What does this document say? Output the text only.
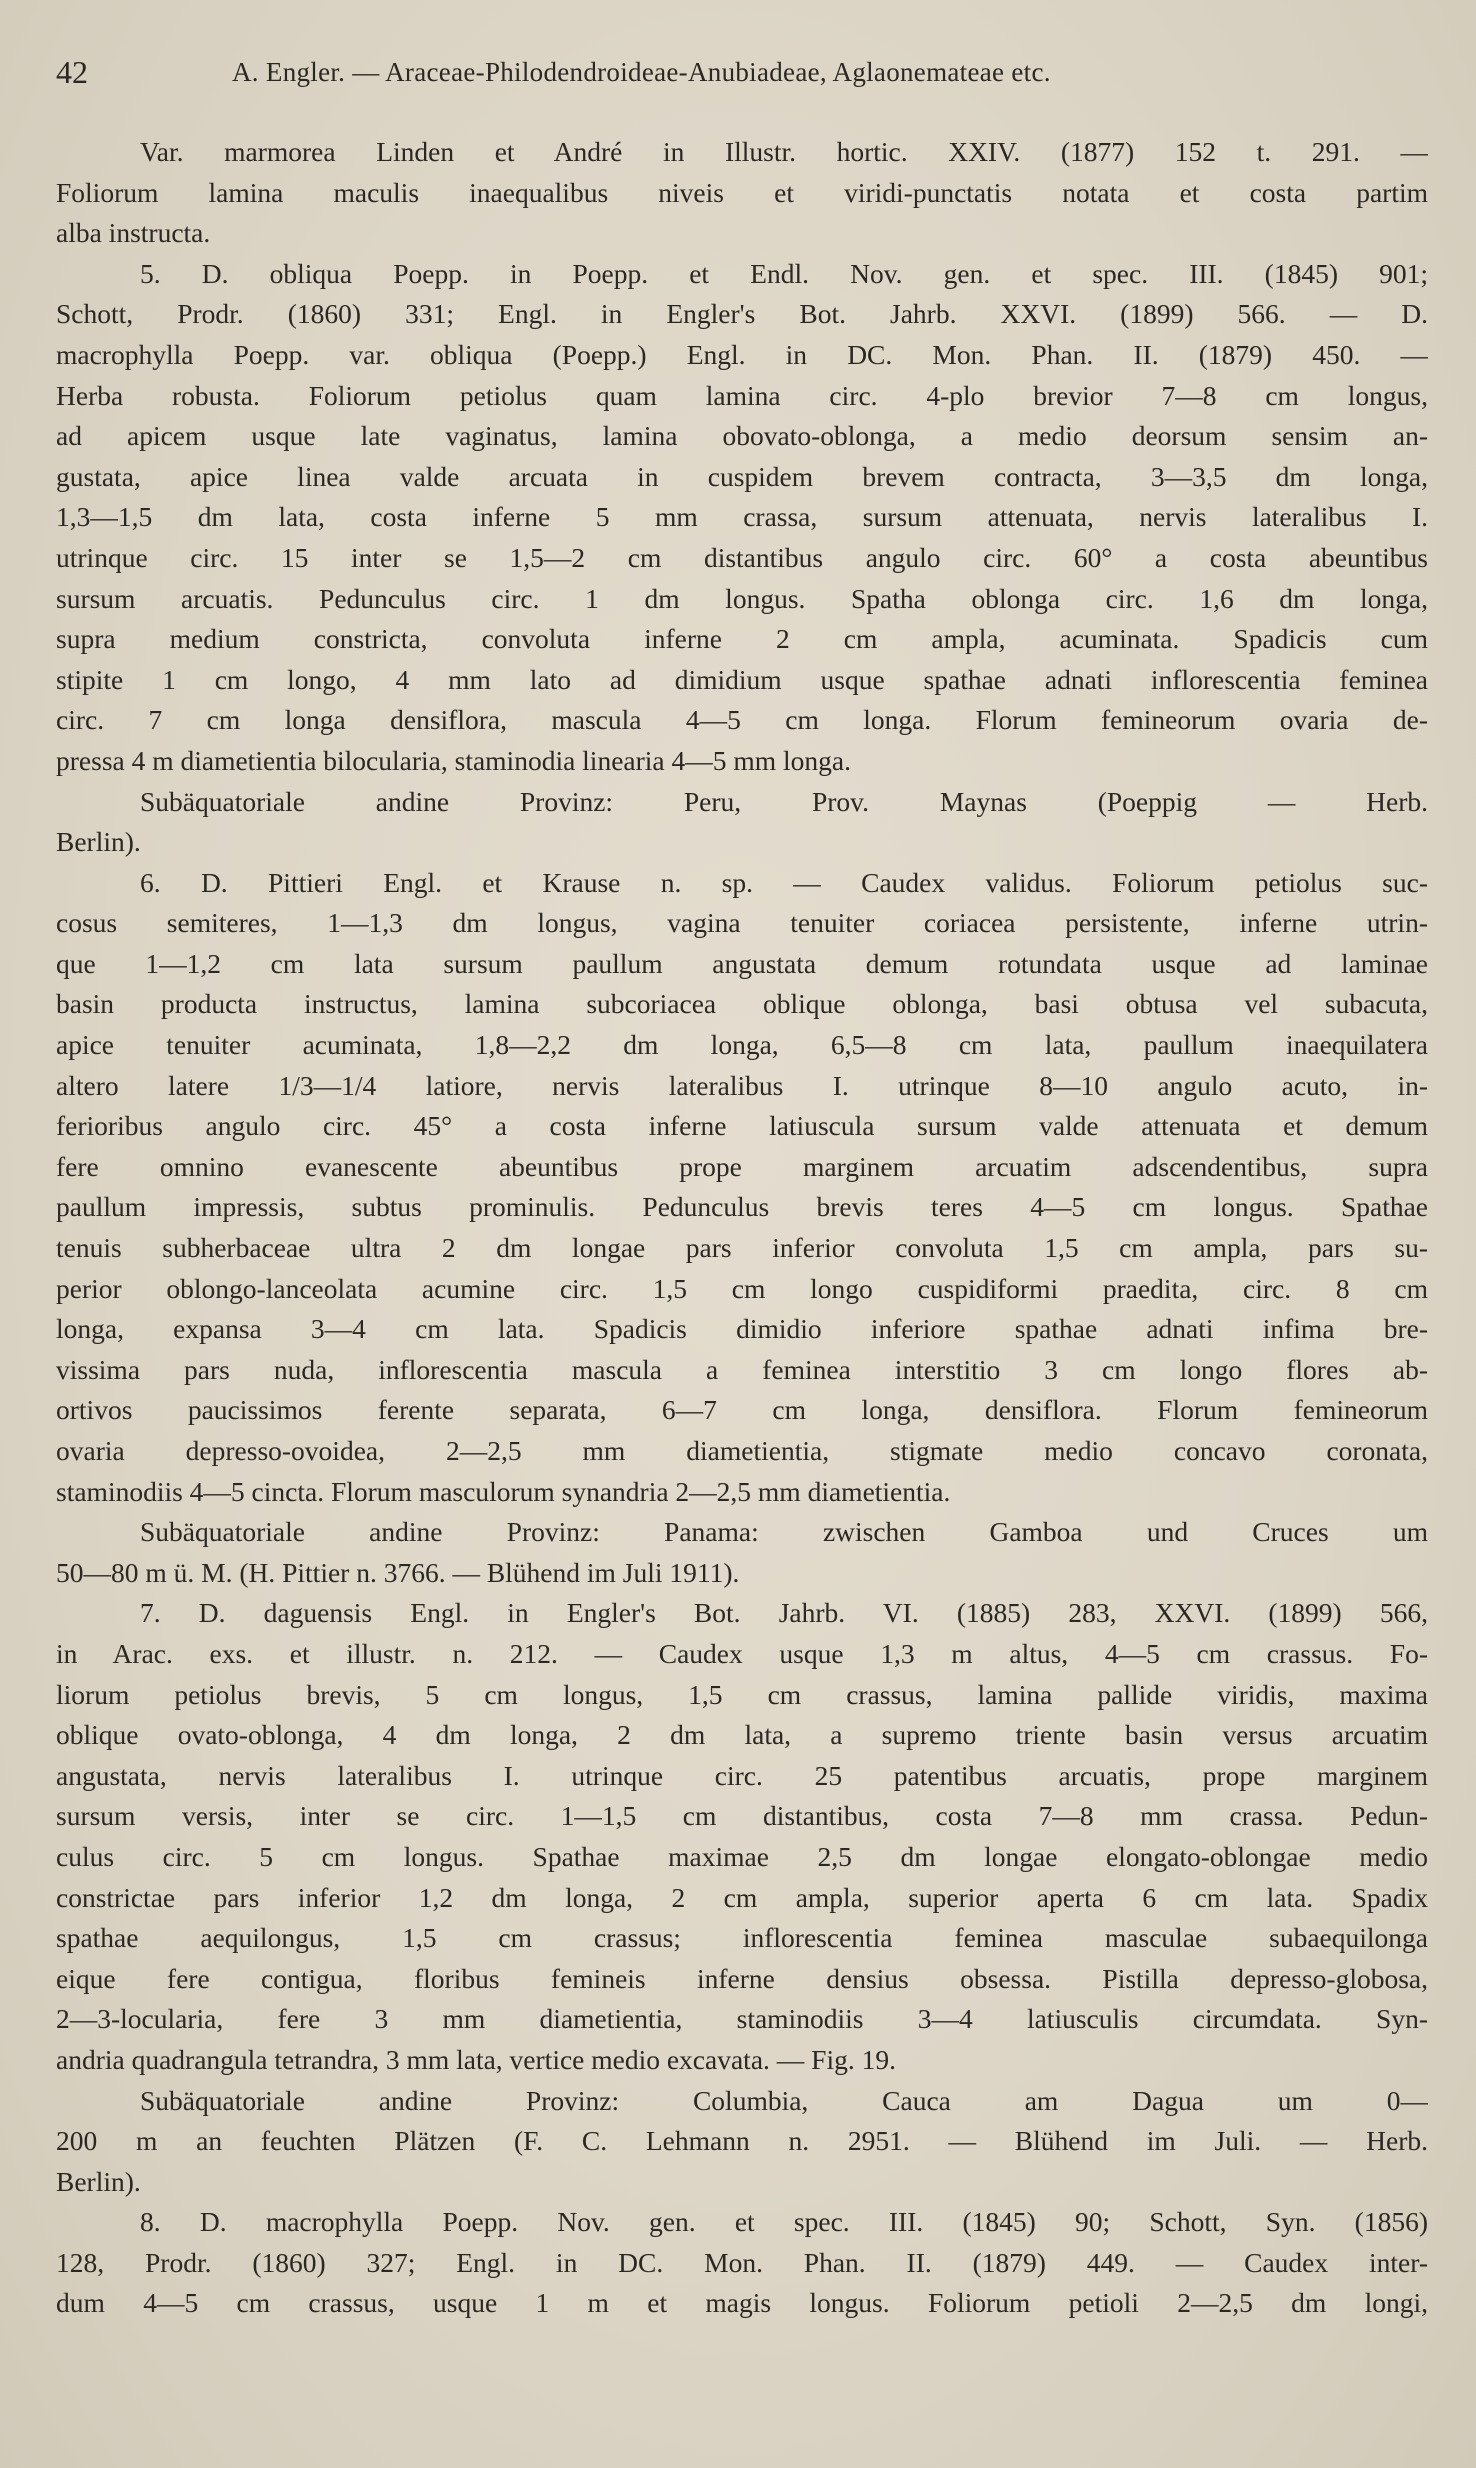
42	A. Engler. — Araceae-Philodendroideae-Anubiadeae, Aglaonemateae etc.
Var. marmorea Linden et André in Illustr. hortic. XXIV. (1877) 152 t. 291. —
Foliorum lamina maculis inaequalibus niveis et viridi-punctatis notata et costa partim
alba instructa.
5. D. obliqua Poepp. in Poepp. et Endl. Nov. gen. et spec. III. (1845) 901;
Schott, Prodr. (1860) 331; Engl. in Engler's Bot. Jahrb. XXVI. (1899) 566. — D.
macrophylla Poepp. var. obliqua (Poepp.) Engl. in DC. Mon. Phan. II. (1879) 450. —
Herba robusta. Foliorum petiolus quam lamina circ. 4-plo brevior 7—8 cm longus,
ad apicem usque late vaginatus, lamina obovato-oblonga, a medio deorsum sensim an-
gustata, apice linea valde arcuata in cuspidem brevem contracta, 3—3,5 dm longa,
1,3—1,5 dm lata, costa inferne 5 mm crassa, sursum attenuata, nervis lateralibus I.
utrinque circ. 15 inter se 1,5—2 cm distantibus angulo circ. 60° a costa abeuntibus
sursum arcuatis. Pedunculus circ. 1 dm longus. Spatha oblonga circ. 1,6 dm longa,
supra medium constricta, convoluta inferne 2 cm ampla, acuminata. Spadicis cum
stipite 1 cm longo, 4 mm lato ad dimidium usque spathae adnati inflorescentia feminea
circ. 7 cm longa densiflora, mascula 4—5 cm longa. Florum femineorum ovaria de-
pressa 4 m diametientia bilocularia, staminodia linearia 4—5 mm longa.
Subäquatoriale andine Provinz: Peru, Prov. Maynas (Poeppig — Herb.
Berlin).
6. D. Pittieri Engl. et Krause n. sp. — Caudex validus. Foliorum petiolus suc-
cosus semiteres, 1—1,3 dm longus, vagina tenuiter coriacea persistente, inferne utrin-
que 1—1,2 cm lata sursum paullum angustata demum rotundata usque ad laminae
basin producta instructus, lamina subcoriacea oblique oblonga, basi obtusa vel subacuta,
apice tenuiter acuminata, 1,8—2,2 dm longa, 6,5—8 cm lata, paullum inaequilatera
altero latere 1/3—1/4 latiore, nervis lateralibus I. utrinque 8—10 angulo acuto, in-
ferioribus angulo circ. 45° a costa inferne latiuscula sursum valde attenuata et demum
fere omnino evanescente abeuntibus prope marginem arcuatim adscendentibus, supra
paullum impressis, subtus prominulis. Pedunculus brevis teres 4—5 cm longus. Spathae
tenuis subherbaceae ultra 2 dm longae pars inferior convoluta 1,5 cm ampla, pars su-
perior oblongo-lanceolata acumine circ. 1,5 cm longo cuspidiformi praedita, circ. 8 cm
longa, expansa 3—4 cm lata. Spadicis dimidio inferiore spathae adnati infima bre-
vissima pars nuda, inflorescentia mascula a feminea interstitio 3 cm longo flores ab-
ortivos paucissimos ferente separata, 6—7 cm longa, densiflora. Florum femineorum
ovaria depresso-ovoidea, 2—2,5 mm diametientia, stigmate medio concavo coronata,
staminodiis 4—5 cincta. Florum masculorum synandria 2—2,5 mm diametientia.
Subäquatoriale andine Provinz: Panama: zwischen Gamboa und Cruces um
50—80 m ü. M. (H. Pittier n. 3766. — Blühend im Juli 1911).
7. D. daguensis Engl. in Engler's Bot. Jahrb. VI. (1885) 283, XXVI. (1899) 566,
in Arac. exs. et illustr. n. 212. — Caudex usque 1,3 m altus, 4—5 cm crassus. Fo-
liorum petiolus brevis, 5 cm longus, 1,5 cm crassus, lamina pallide viridis, maxima
oblique ovato-oblonga, 4 dm longa, 2 dm lata, a supremo triente basin versus arcuatim
angustata, nervis lateralibus I. utrinque circ. 25 patentibus arcuatis, prope marginem
sursum versis, inter se circ. 1—1,5 cm distantibus, costa 7—8 mm crassa. Pedun-
culus circ. 5 cm longus. Spathae maximae 2,5 dm longae elongato-oblongae medio
constrictae pars inferior 1,2 dm longa, 2 cm ampla, superior aperta 6 cm lata. Spadix
spathae aequilongus, 1,5 cm crassus; inflorescentia feminea masculae subaequilonga
eique fere contigua, floribus femineis inferne densius obsessa. Pistilla depresso-globosa,
2—3-locularia, fere 3 mm diametientia, staminodiis 3—4 latiusculis circumdata. Syn-
andria quadrangula tetrandra, 3 mm lata, vertice medio excavata. — Fig. 19.
Subäquatoriale andine Provinz: Columbia, Cauca am Dagua um 0—
200 m an feuchten Plätzen (F. C. Lehmann n. 2951. — Blühend im Juli. — Herb.
Berlin).
8. D. macrophylla Poepp. Nov. gen. et spec. III. (1845) 90; Schott, Syn. (1856)
128, Prodr. (1860) 327; Engl. in DC. Mon. Phan. II. (1879) 449. — Caudex inter-
dum 4—5 cm crassus, usque 1 m et magis longus. Foliorum petioli 2—2,5 dm longi,
